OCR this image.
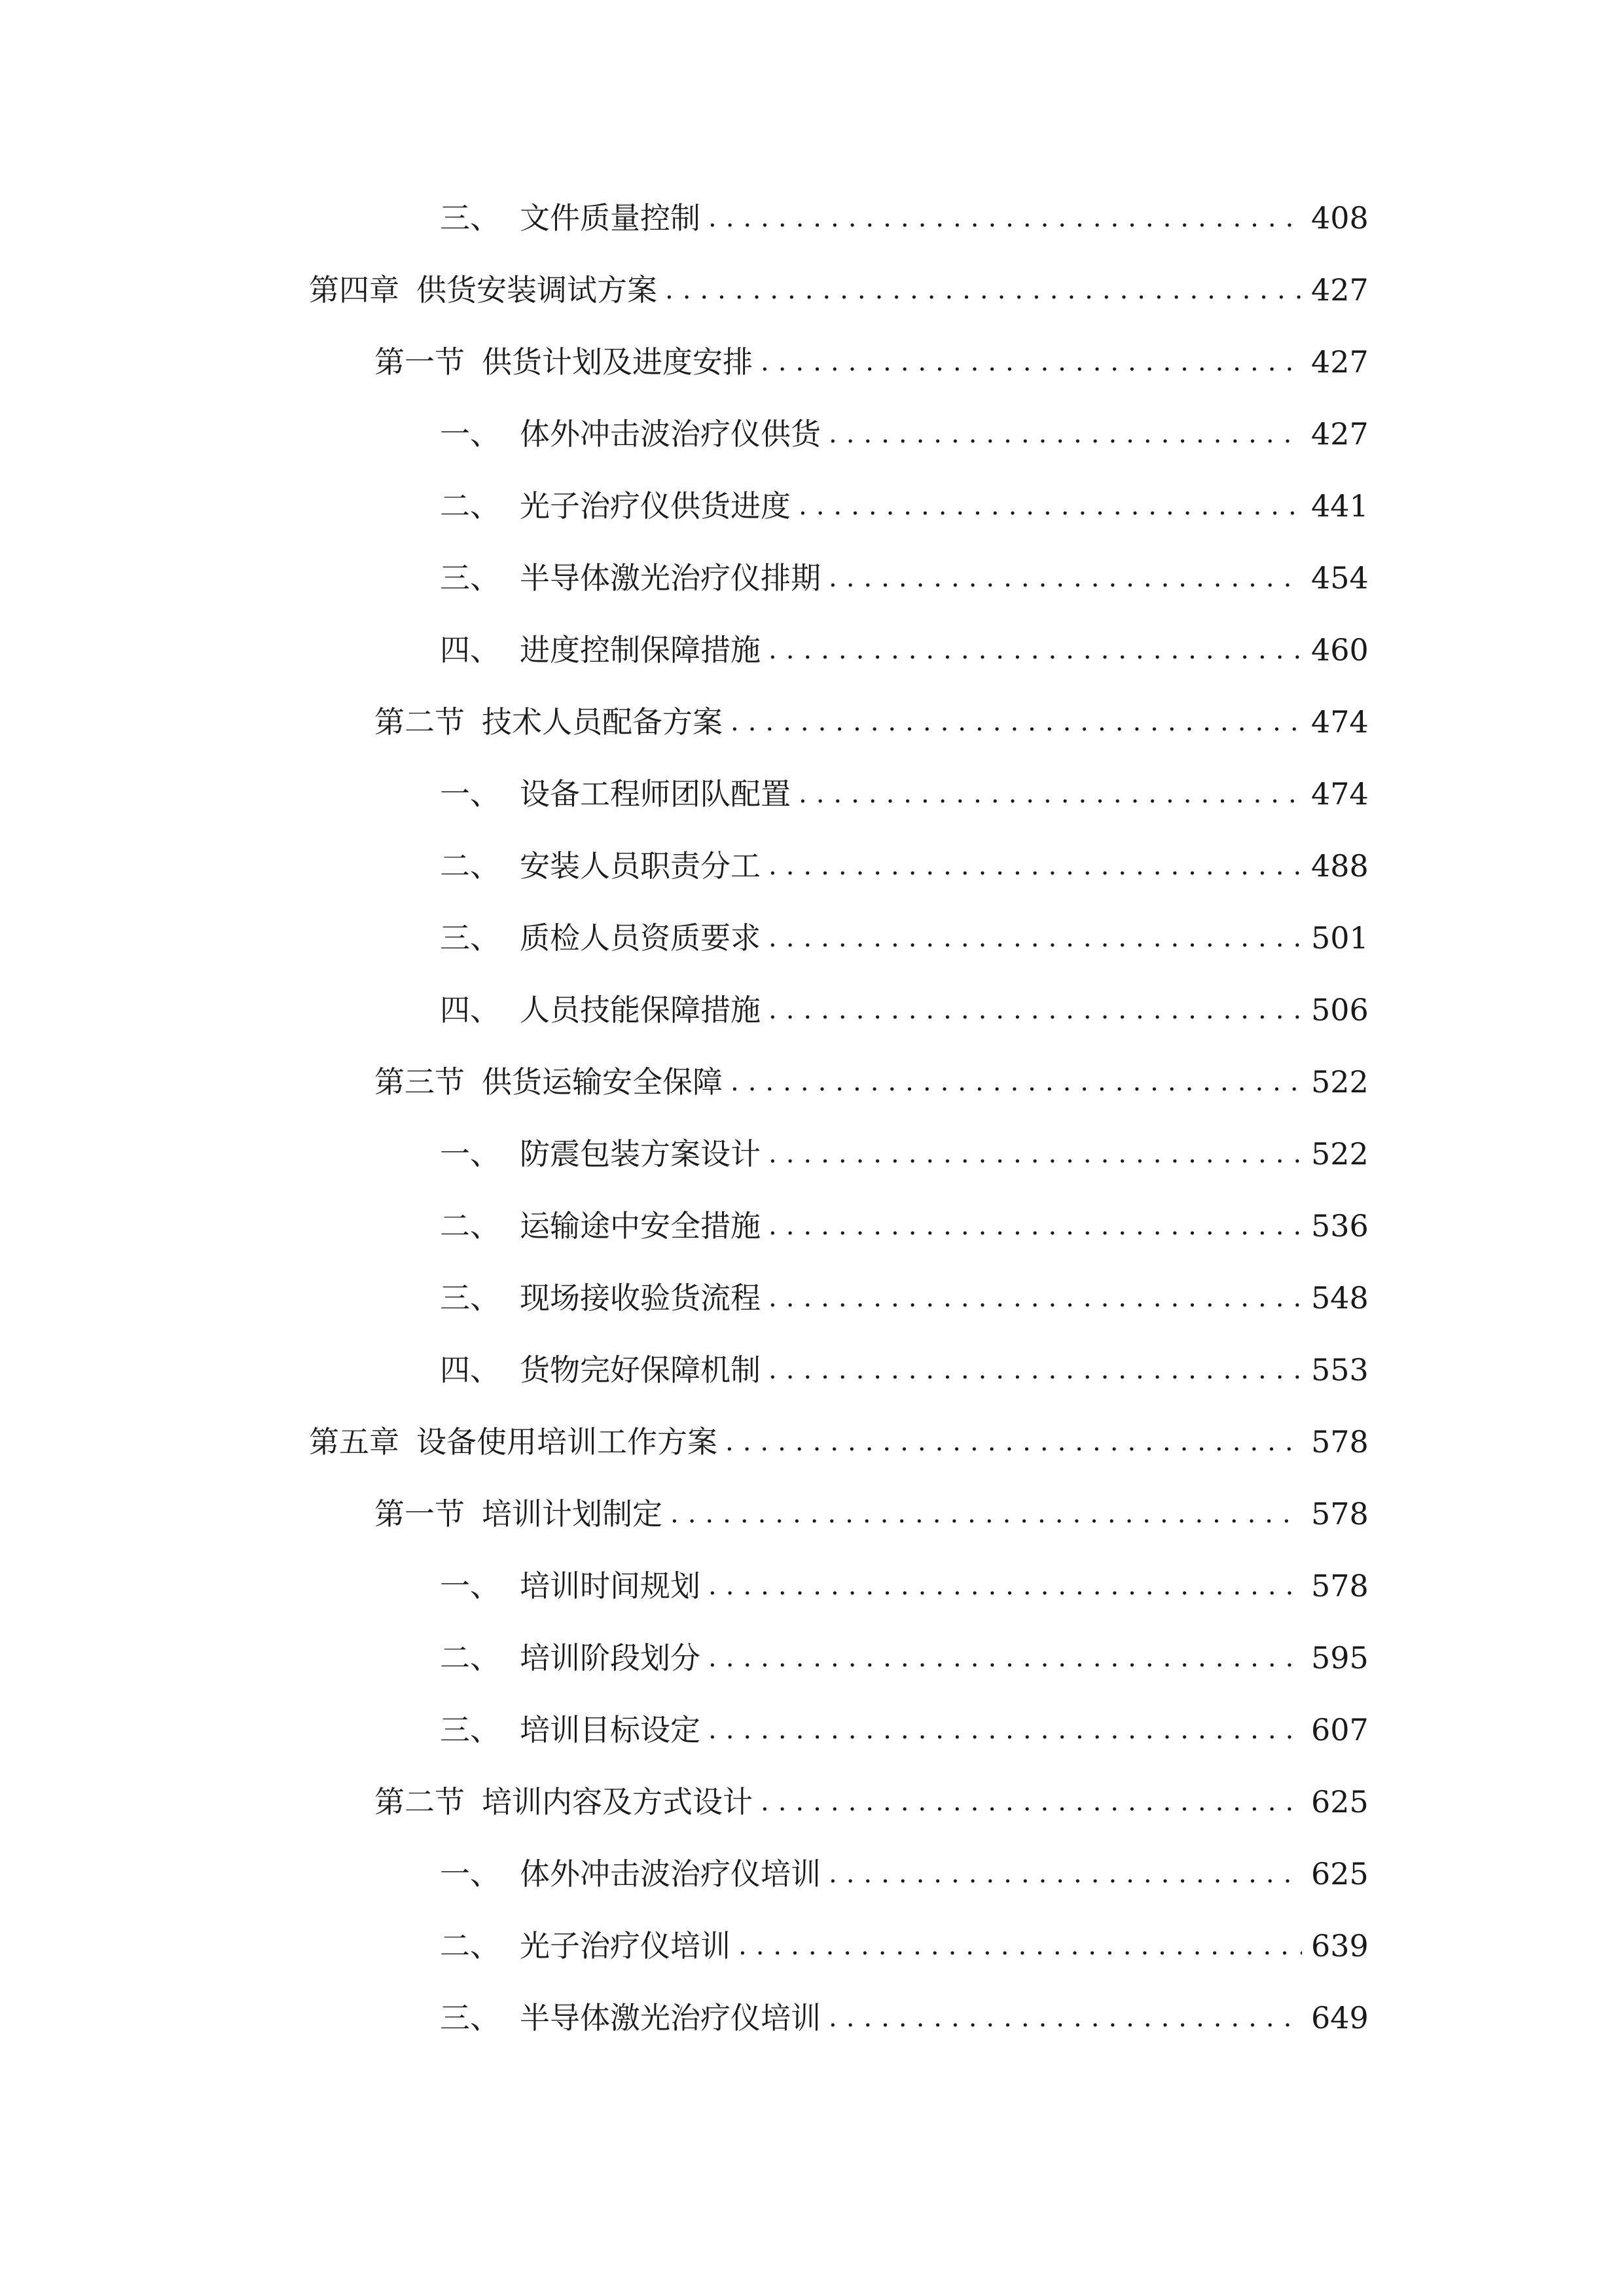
三、 文件质量控制 .....	408
第四章 供货安装调试方案 .....	427
第一节 供货计划及进度安排 .....	427
一、 体外冲击波治疗仪供货 .....	427
二、 光子治疗仪供货进度 .....	441
三、 半导体激光治疗仪排期 .....	454
四、 进度控制保障措施 .....	460
第二节 技术人员配备方案 .....	474
一、 设备工程师团队配置 .....	474
二、 安装人员职责分工 .....	488
三、 质检人员资质要求 .....	501
四、 人员技能保障措施 .....	506
第三节 供货运输安全保障 .....	522
一、 防震包装方案设计 .....	522
二、 运输途中安全措施 .....	536
三、 现场接收验货流程 .....	548
四、 货物完好保障机制 .....	553
第五章 设备使用培训工作方案 .....	578
第一节 培训计划制定 .....	578
一、 培训时间规划 .....	578
二、 培训阶段划分 .....	595
三、 培训目标设定 .....	607
第二节 培训内容及方式设计 .....	625
一、 体外冲击波治疗仪培训 .....	625
二、 光子治疗仪培训 .....	639
三、 半导体激光治疗仪培训 .....	649
